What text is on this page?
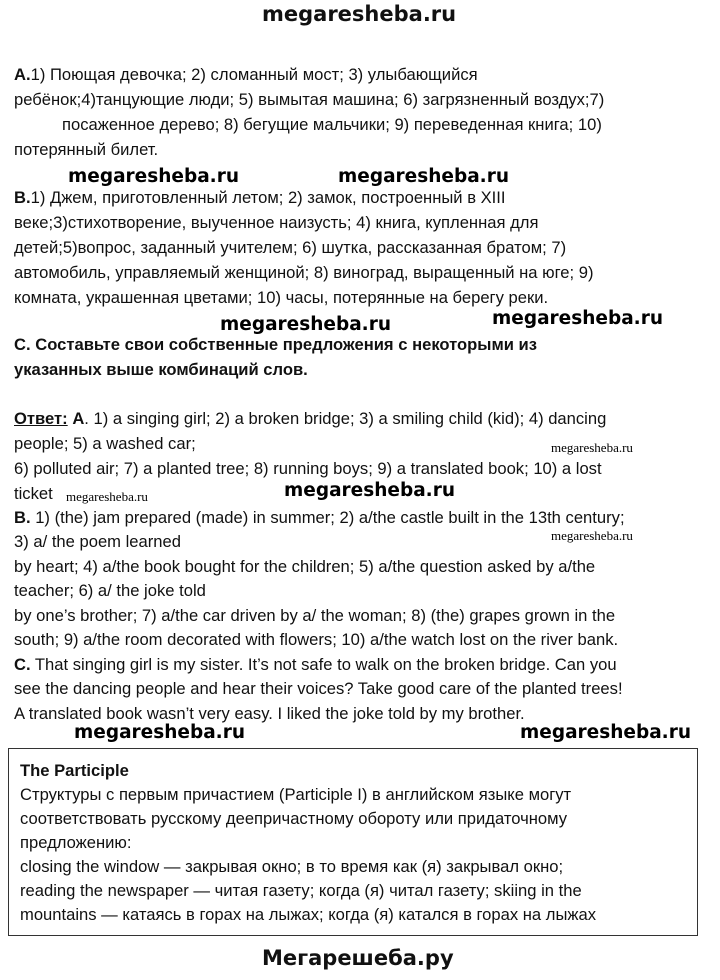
megaresheba.ru
A.1) Поющая девочка; 2) сломанный мост; 3) улыбающийся
ребёнок;4)танцующие люди; 5) вымытая машина; 6) загрязненный воздух;7)
посаженное дерево; 8) бегущие мальчики; 9) переведенная книга; 10)
потерянный билет.
megaresheba.ru	megaresheba.ru
B.1) Джем, приготовленный летом; 2) замок, построенный в XIII
веке;3)стихотворение, выученное наизусть; 4) книга, купленная для
детей;5)вопрос, заданный учителем; 6) шутка, рассказанная братом; 7)
автомобиль, управляемый женщиной; 8) виноград, выращенный на юге; 9)
комната, украшенная цветами; 10) часы, потерянные на берегу реки.
megaresheba.ru	megaresheba.ru
C. Составьте свои собственные предложения с некоторыми из
указанных выше комбинаций слов.
Ответ: A. 1) a singing girl; 2) a broken bridge; 3) a smiling child (kid); 4) dancing
people; 5) a washed car;	megaresheba.ru
6) polluted air; 7) a planted tree; 8) running boys; 9) a translated book; 10) a lost
ticket megaresheba.ru	megaresheba.ru
B. 1) (the) jam prepared (made) in summer; 2) a/the castle built in the 13th century;
3) a/ the poem learned	megaresheba.ru
by heart; 4) a/the book bought for the children; 5) a/the question asked by a/the
teacher; 6) a/ the joke told
by one’s brother; 7) a/the car driven by a/ the woman; 8) (the) grapes grown in the
south; 9) a/the room decorated with flowers; 10) a/the watch lost on the river bank.
C. That singing girl is my sister. It’s not safe to walk on the broken bridge. Can you
see the dancing people and hear their voices? Take good care of the planted trees!
A translated book wasn’t very easy. I liked the joke told by my brother.
megaresheba.ru	megaresheba.ru
The Participle
Структуры с первым причастием (Participle I) в английском языке могут
соответствовать русскому деепричастному обороту или придаточному
предложению:
closing the window — закрывая окно; в то время как (я) закрывал окно;
reading the newspaper — читая газету; когда (я) читал газету; skiing in the
mountains — катаясь в горах на лыжах; когда (я) катался в горах на лыжах
Мегарешеба.ру
